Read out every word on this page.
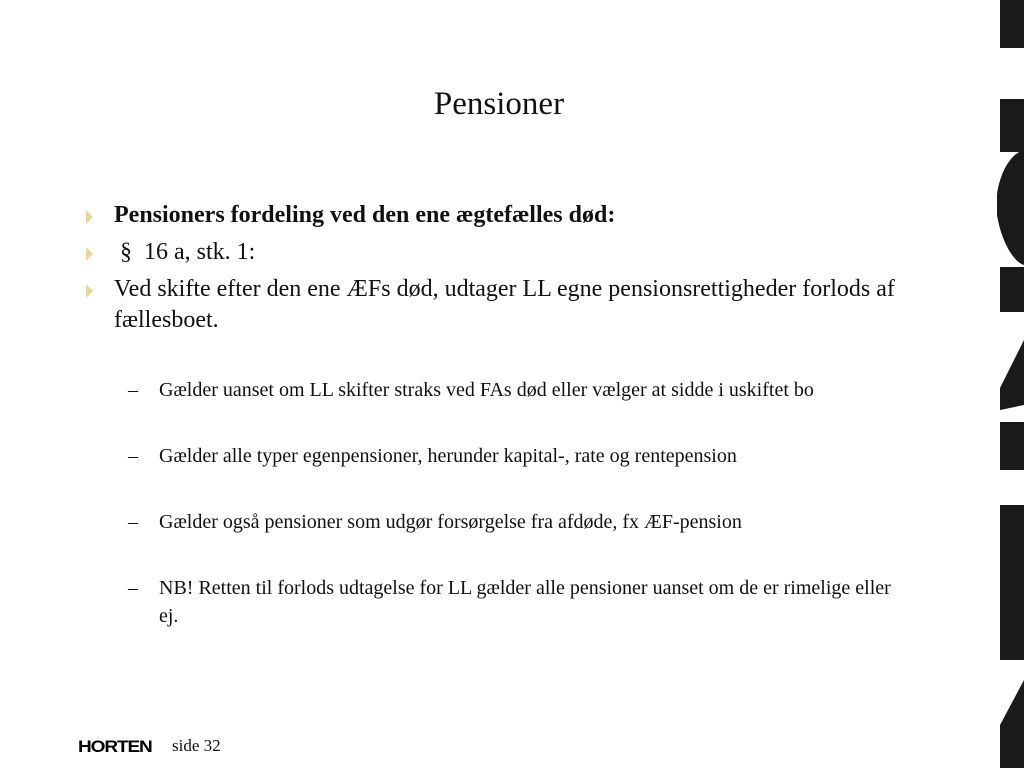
Pensioner
Pensioners fordeling ved den ene ægtefælles død:
§  16 a, stk. 1:
Ved skifte efter den ene ÆFs død, udtager LL egne pensionsrettigheder forlods af fællesboet.
– Gælder uanset om LL skifter straks ved FAs død eller vælger at sidde i uskiftet bo
– Gælder alle typer egenpensioner, herunder kapital-, rate og rentepension
– Gælder også pensioner som udgør forsørgelse fra afdøde, fx ÆF-pension
– NB! Retten til forlods udtagelse for LL gælder alle pensioner uanset om de er rimelige eller ej.
HORTEN side 32
